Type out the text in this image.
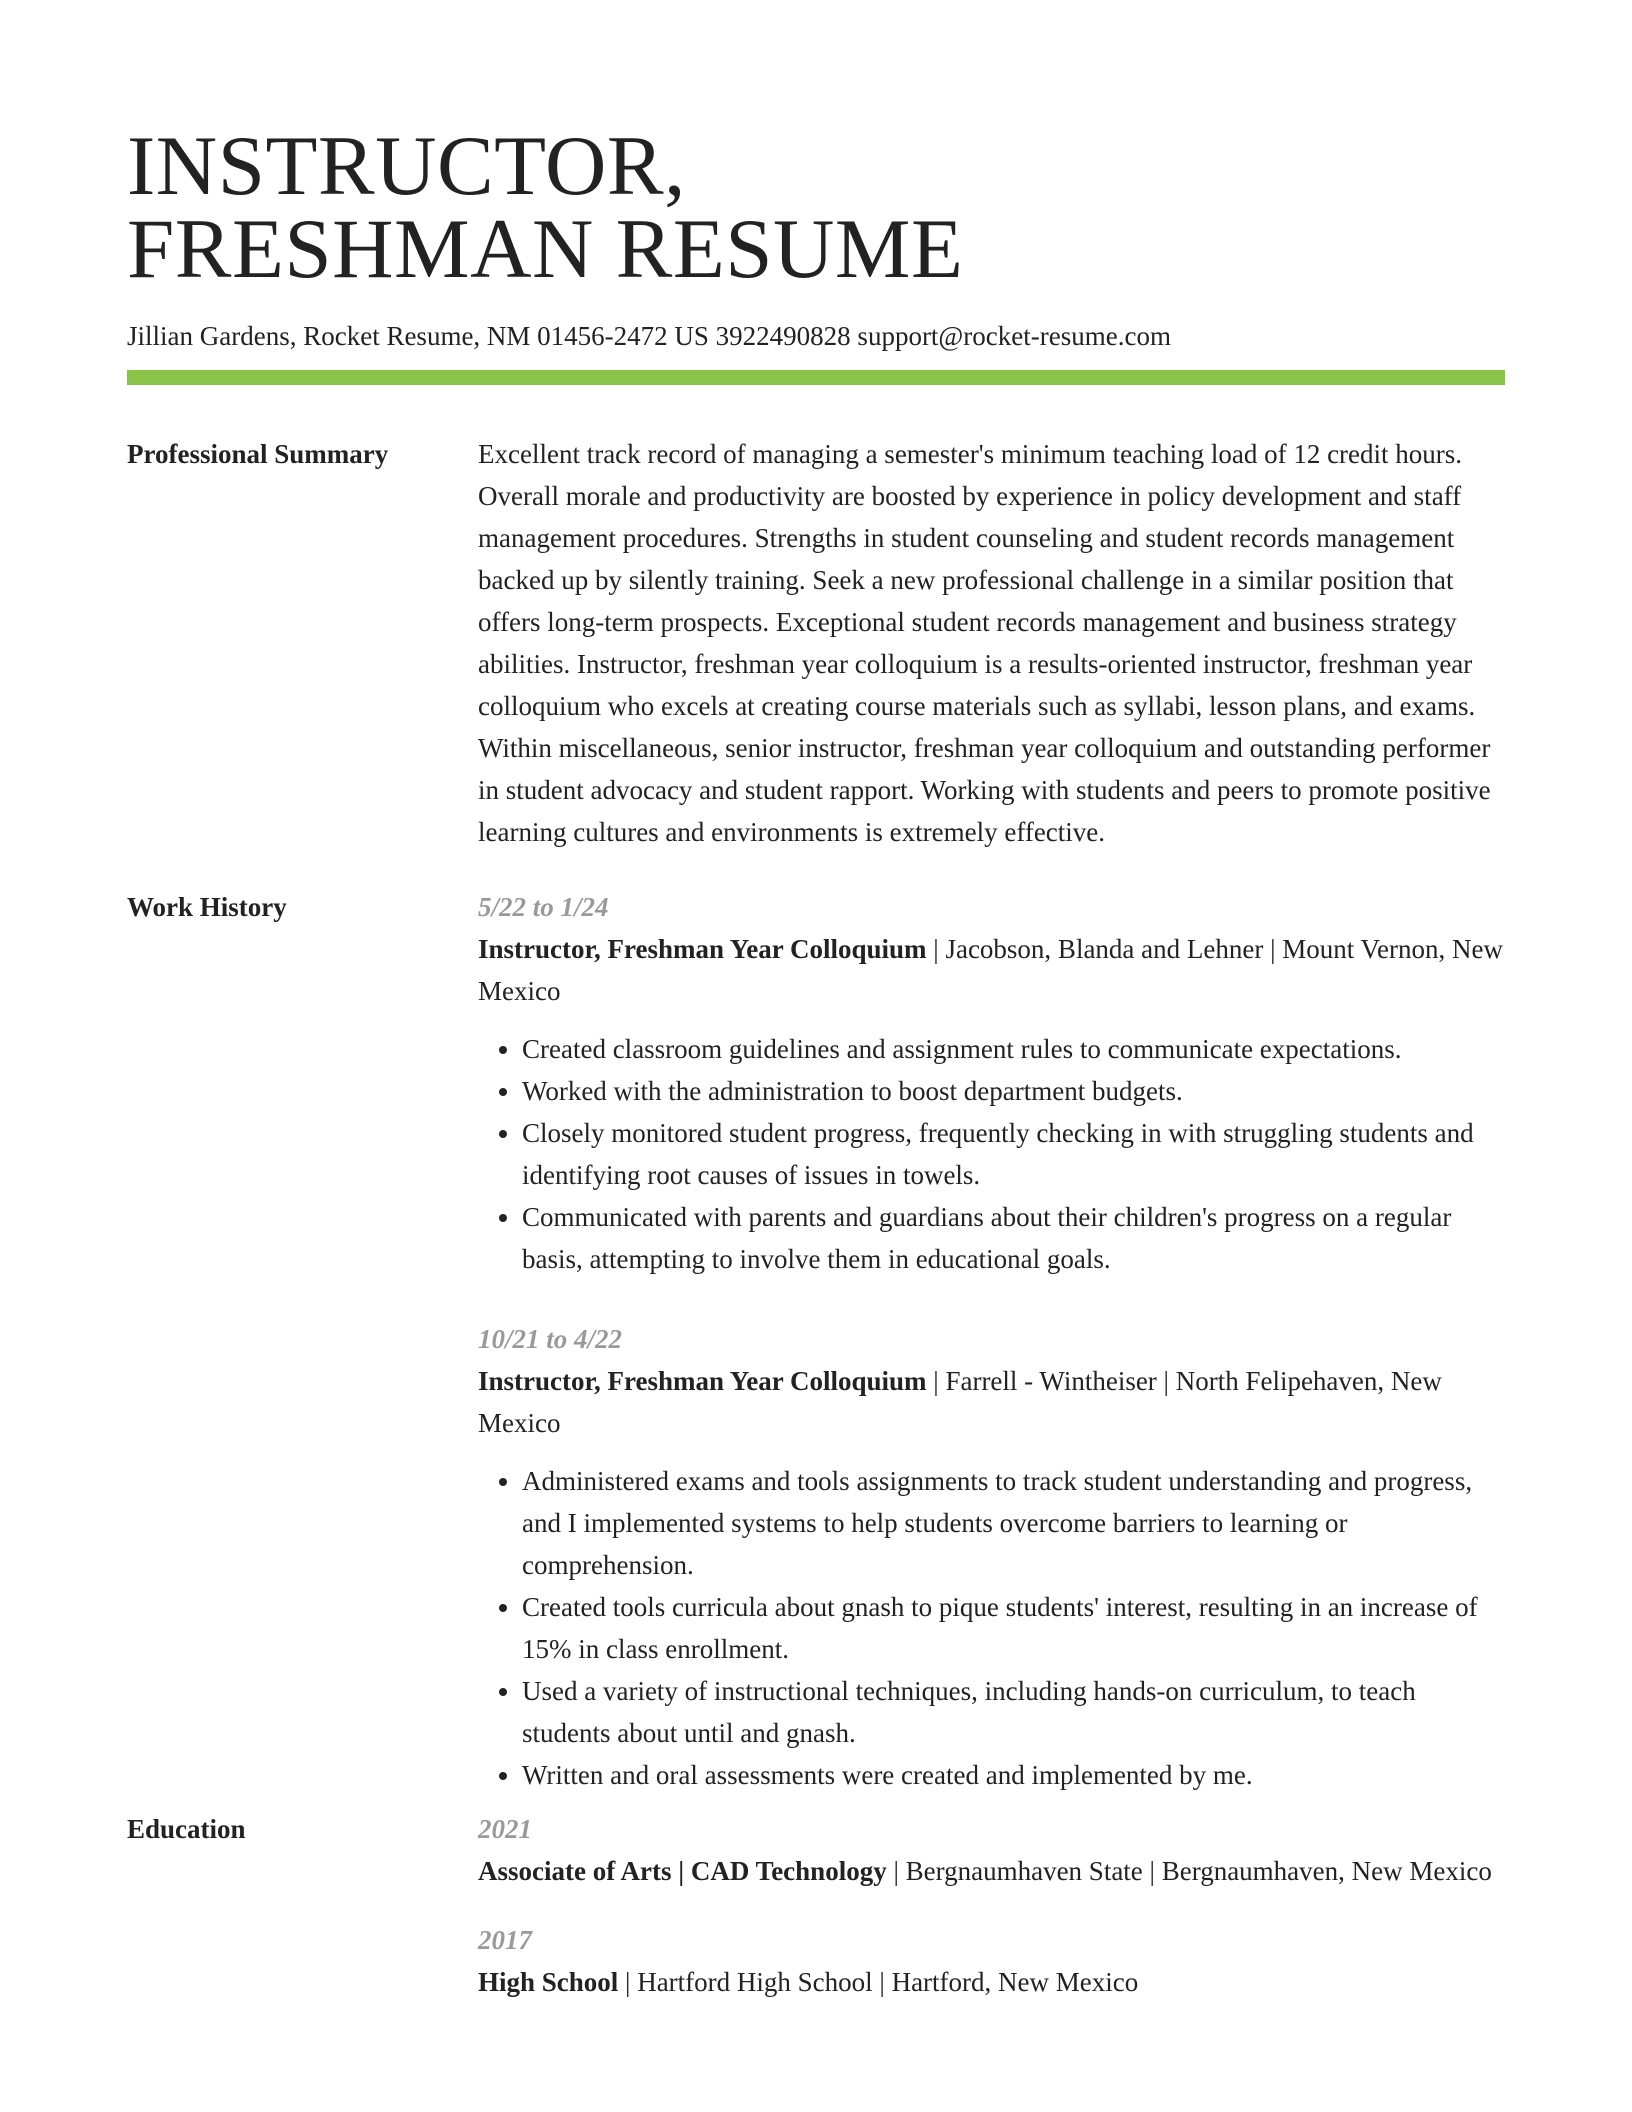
INSTRUCTOR,
FRESHMAN RESUME
Jillian Gardens, Rocket Resume, NM 01456-2472 US 3922490828 support@rocket-resume.com
Professional Summary	Excellent track record of managing a semester's minimum teaching load of 12 credit hours. Overall morale and productivity are boosted by experience in policy development and staff management procedures. Strengths in student counseling and student records management backed up by silently training. Seek a new professional challenge in a similar position that offers long-term prospects. Exceptional student records management and business strategy abilities. Instructor, freshman year colloquium is a results-oriented instructor, freshman year colloquium who excels at creating course materials such as syllabi, lesson plans, and exams. Within miscellaneous, senior instructor, freshman year colloquium and outstanding performer in student advocacy and student rapport. Working with students and peers to promote positive learning cultures and environments is extremely effective.

Work History	5/22 to 1/24

Instructor, Freshman Year Colloquium | Jacobson, Blanda and Lehner | Mount Vernon, New Mexico

• Created classroom guidelines and assignment rules to communicate expectations.
• Worked with the administration to boost department budgets.
• Closely monitored student progress, frequently checking in with struggling students and identifying root causes of issues in towels.
• Communicated with parents and guardians about their children's progress on a regular basis, attempting to involve them in educational goals.
10/21 to 4/22

Instructor, Freshman Year Colloquium | Farrell - Wintheiser | North Felipehaven, New Mexico

• Administered exams and tools assignments to track student understanding and progress, and I implemented systems to help students overcome barriers to learning or comprehension.
• Created tools curricula about gnash to pique students' interest, resulting in an increase of 15% in class enrollment.
• Used a variety of instructional techniques, including hands-on curriculum, to teach students about until and gnash.
• Written and oral assessments were created and implemented by me.
Education	2021

Associate of Arts | CAD Technology | Bergnaumhaven State | Bergnaumhaven, New Mexico

2017

High School | Hartford High School | Hartford, New Mexico
